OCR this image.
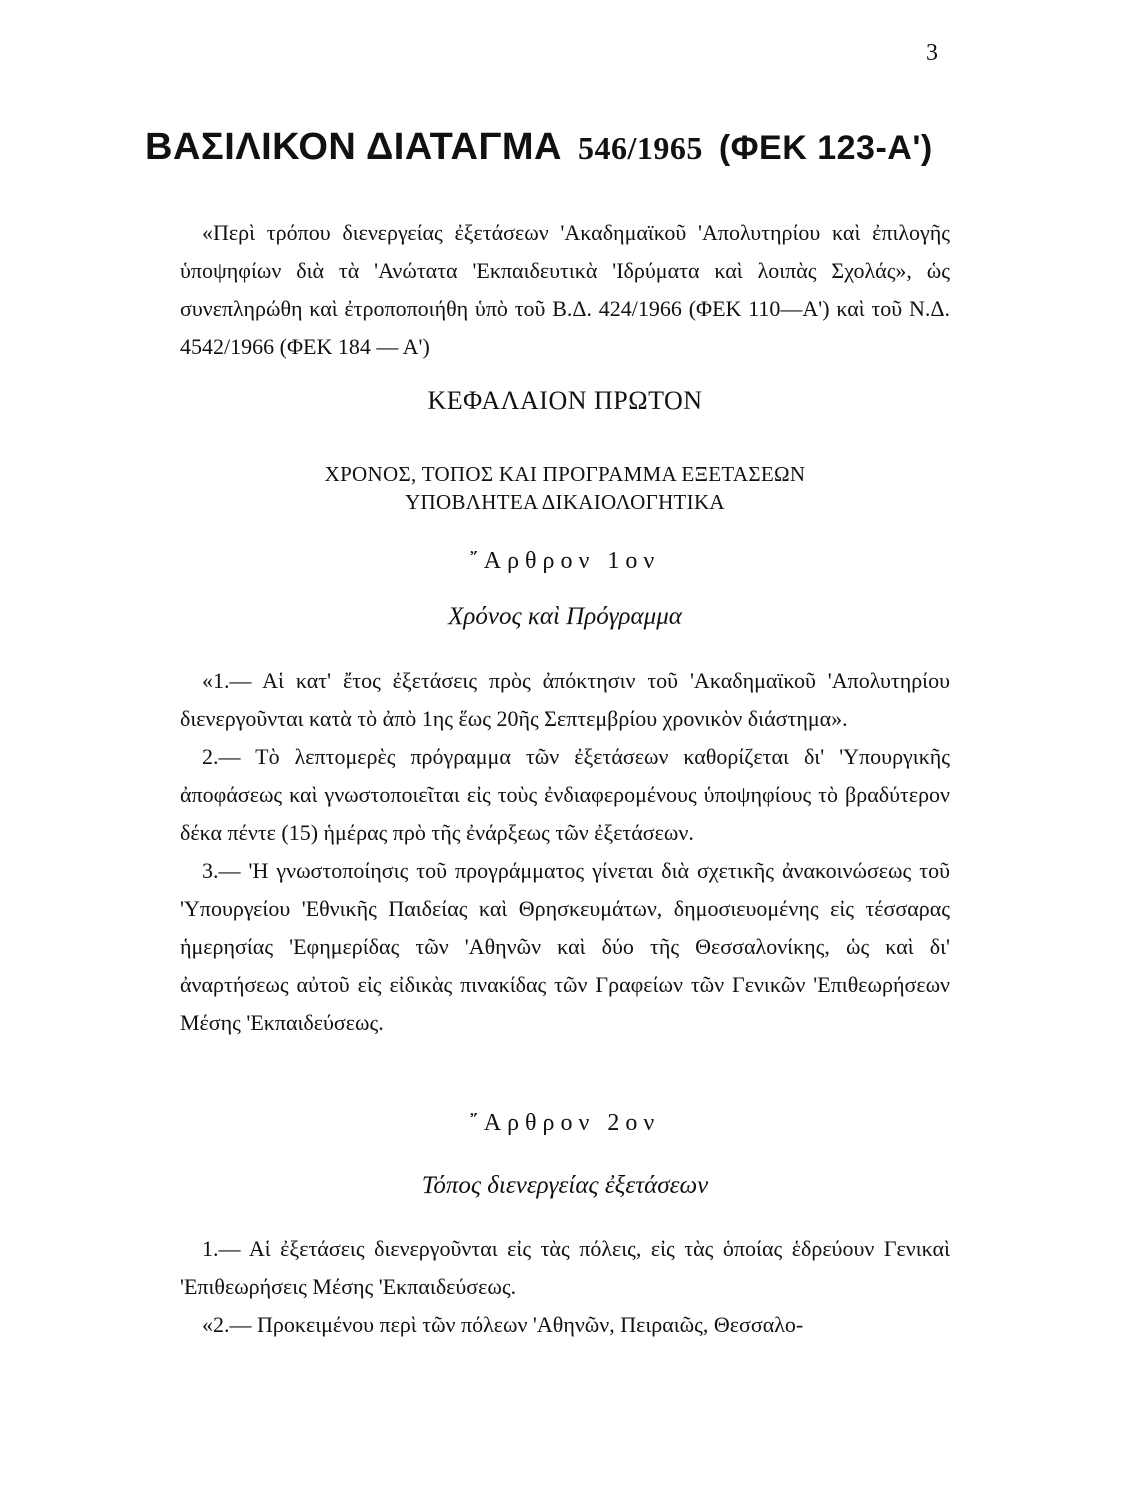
3
ΒΑΣΙΛΙΚΟΝ ΔΙΑΤΑΓΜΑ 546/1965 (ΦΕΚ 123-Α')

«Περὶ τρόπου διενεργείας ἐξετάσεων 'Ακαδημαϊκοῦ 'Απολυτηρίου καὶ ἐπιλογῆς ὑποψηφίων διὰ τὰ 'Ανώτατα 'Εκπαιδευτικὰ 'Ιδρύματα καὶ λοιπὰς Σχολάς», ὡς συνεπληρώθη καὶ ἐτροποποιήθη ὑπὸ τοῦ Β.Δ. 424/1966 (ΦΕΚ 110—Α') καὶ τοῦ Ν.Δ. 4542/1966 (ΦΕΚ 184 — Α')

ΚΕΦΑΛΑΙΟΝ ΠΡΩΤΟΝ
ΧΡΟΝΟΣ, ΤΟΠΟΣ ΚΑΙ ΠΡΟΓΡΑΜΜΑ ΕΞΕΤΑΣΕΩΝ
ΥΠΟΒΛΗΤΕΑ ΔΙΚΑΙΟΛΟΓΗΤΙΚΑ
῎Αρθρον 1ον
Χρόνος καὶ Πρόγραμμα

«1.— Αἱ κατ' ἔτος ἐξετάσεις πρὸς ἀπόκτησιν τοῦ 'Ακαδημαϊκοῦ 'Απολυτηρίου διενεργοῦνται κατὰ τὸ ἀπὸ 1ης ἕως 20ῆς Σεπτεμβρίου χρονικὸν διάστημα».

2.— Τὸ λεπτομερὲς πρόγραμμα τῶν ἐξετάσεων καθορίζεται δι' 'Υπουργικῆς ἀποφάσεως καὶ γνωστοποιεῖται εἰς τοὺς ἐνδιαφερομένους ὑποψηφίους τὸ βραδύτερον δέκα πέντε (15) ἡμέρας πρὸ τῆς ἐνάρξεως τῶν ἐξετάσεων.

3.— 'Η γνωστοποίησις τοῦ προγράμματος γίνεται διὰ σχετικῆς ἀνακοινώσεως τοῦ 'Υπουργείου 'Εθνικῆς Παιδείας καὶ Θρησκευμάτων, δημοσιευομένης εἰς τέσσαρας ἡμερησίας 'Εφημερίδας τῶν 'Αθηνῶν καὶ δύο τῆς Θεσσαλονίκης, ὡς καὶ δι' ἀναρτήσεως αὐτοῦ εἰς εἰδικὰς πινακίδας τῶν Γραφείων τῶν Γενικῶν 'Επιθεωρήσεων Μέσης 'Εκπαιδεύσεως.

῎Αρθρον 2ον
Τόπος διενεργείας ἐξετάσεων

1.— Αἱ ἐξετάσεις διενεργοῦνται εἰς τὰς πόλεις, εἰς τὰς ὁποίας ἑδρεύουν Γενικαὶ 'Επιθεωρήσεις Μέσης 'Εκπαιδεύσεως.

«2.— Προκειμένου περὶ τῶν πόλεων 'Αθηνῶν, Πειραιῶς, Θεσσαλο-
